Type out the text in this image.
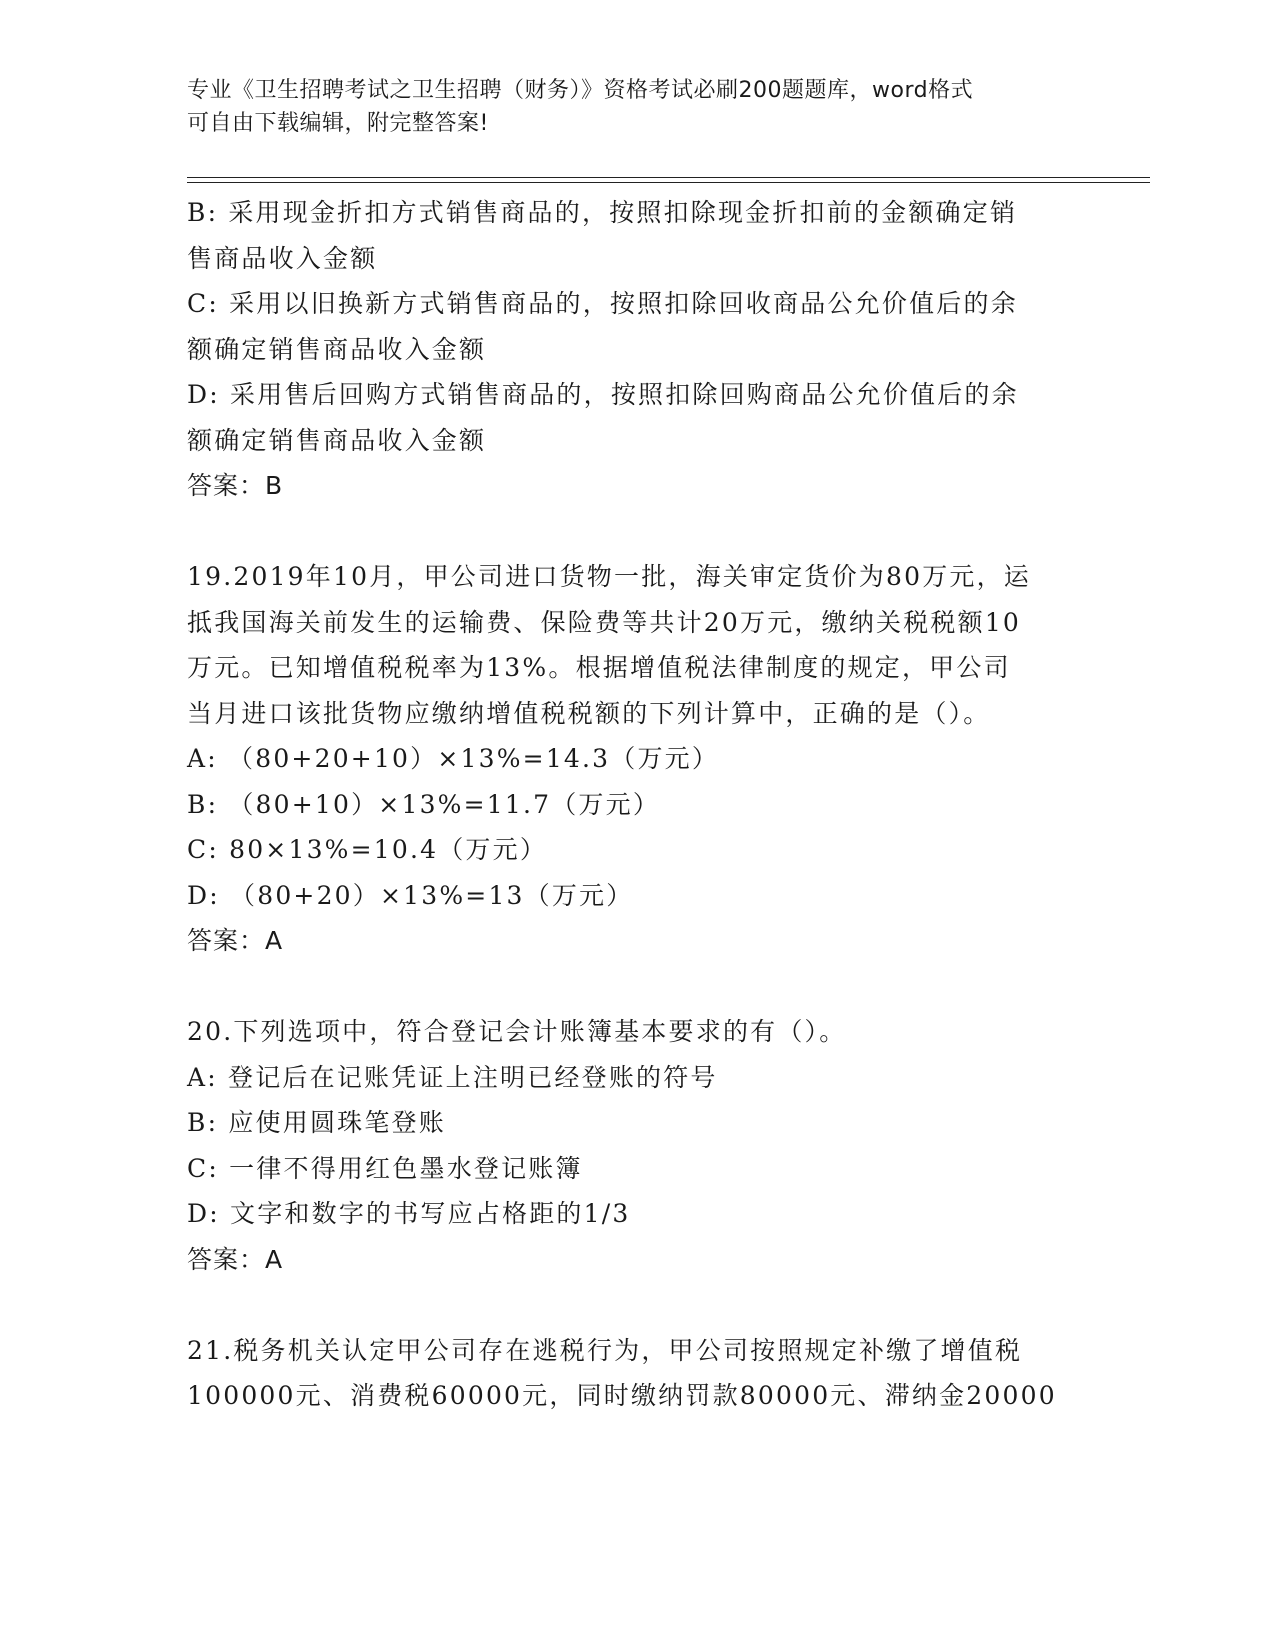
专业《卫生招聘考试之卫生招聘（财务）》资格考试必刷200题题库，word格式
可自由下载编辑，附完整答案!
B: 采用现金折扣方式销售商品的，按照扣除现金折扣前的金额确定销
售商品收入金额
C: 采用以旧换新方式销售商品的，按照扣除回收商品公允价值后的余
额确定销售商品收入金额
D: 采用售后回购方式销售商品的，按照扣除回购商品公允价值后的余
额确定销售商品收入金额
答案：B
19.2019年10月，甲公司进口货物一批，海关审定货价为80万元，运
抵我国海关前发生的运输费、保险费等共计20万元，缴纳关税税额10
万元。已知增值税税率为13%。根据增值税法律制度的规定，甲公司
当月进口该批货物应缴纳增值税税额的下列计算中，正确的是（）。
A: （80+20+10）×13%=14.3（万元）
B: （80+10）×13%=11.7（万元）
C: 80×13%=10.4（万元）
D: （80+20）×13%=13（万元）
答案：A
20.下列选项中，符合登记会计账簿基本要求的有（）。
A: 登记后在记账凭证上注明已经登账的符号
B: 应使用圆珠笔登账
C: 一律不得用红色墨水登记账簿
D: 文字和数字的书写应占格距的1/3
答案：A
21.税务机关认定甲公司存在逃税行为，甲公司按照规定补缴了增值税
100000元、消费税60000元，同时缴纳罚款80000元、滞纳金20000
